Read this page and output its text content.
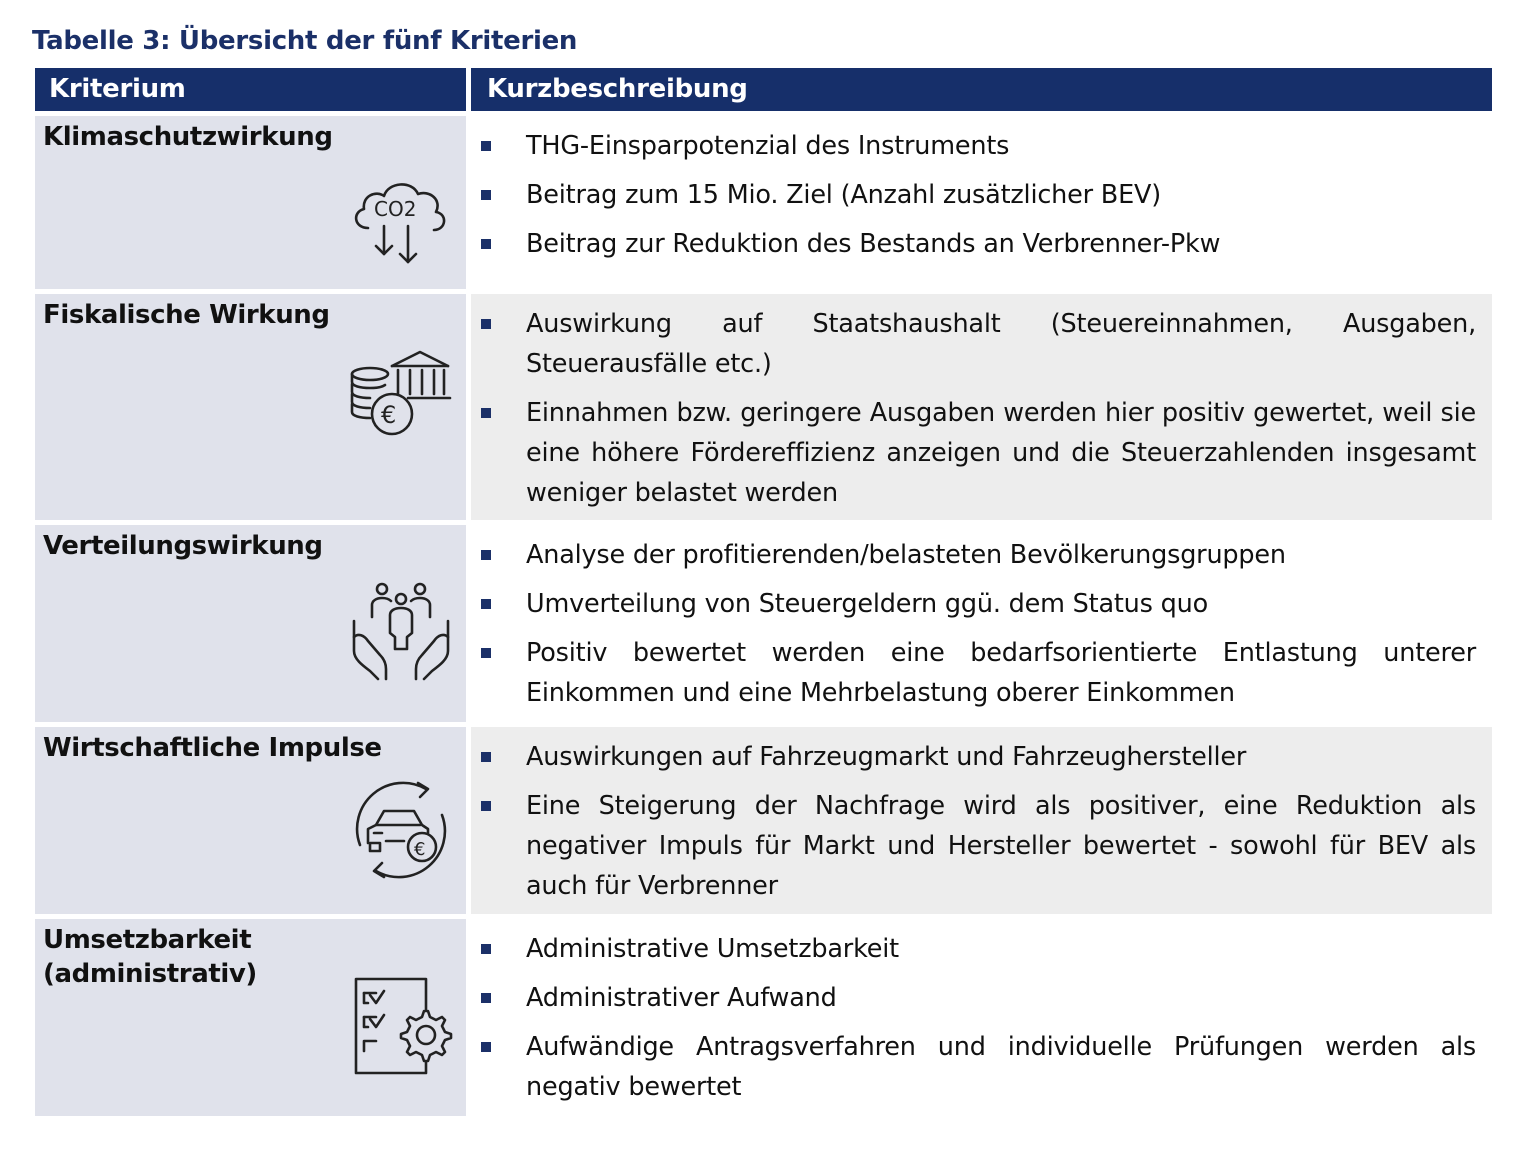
Tabelle 3: Übersicht der fünf Kriterien
Kriterium	Kurzbeschreibung
Klimaschutzwirkung
CO2
THG-Einsparpotenzial des Instruments
Beitrag zum 15 Mio. Ziel (Anzahl zusätzlicher BEV)
Beitrag zur Reduktion des Bestands an Verbrenner-Pkw
Fiskalische Wirkung
€
Auswirkung auf Staatshaushalt (Steuereinnahmen, Ausgaben, Steuerausfälle etc.)
Einnahmen bzw. geringere Ausgaben werden hier positiv gewertet, weil sie eine höhere Fördereffizienz anzeigen und die Steuerzahlenden insgesamt weniger belastet werden
Verteilungswirkung	Analyse der profitierenden/belasteten Bevölkerungsgruppen
Umverteilung von Steuergeldern ggü. dem Status quo
Positiv bewertet werden eine bedarfsorientierte Entlastung unterer Einkommen und eine Mehrbelastung oberer Einkommen
Wirtschaftliche Impulse
€
Auswirkungen auf Fahrzeugmarkt und Fahrzeughersteller
Eine Steigerung der Nachfrage wird als positiver, eine Reduktion als negativer Impuls für Markt und Hersteller bewertet - sowohl für BEV als auch für Verbrenner
Umsetzbarkeit (administrativ)
Administrative Umsetzbarkeit
Administrativer Aufwand
Aufwändige Antragsverfahren und individuelle Prüfungen werden als negativ bewertet
